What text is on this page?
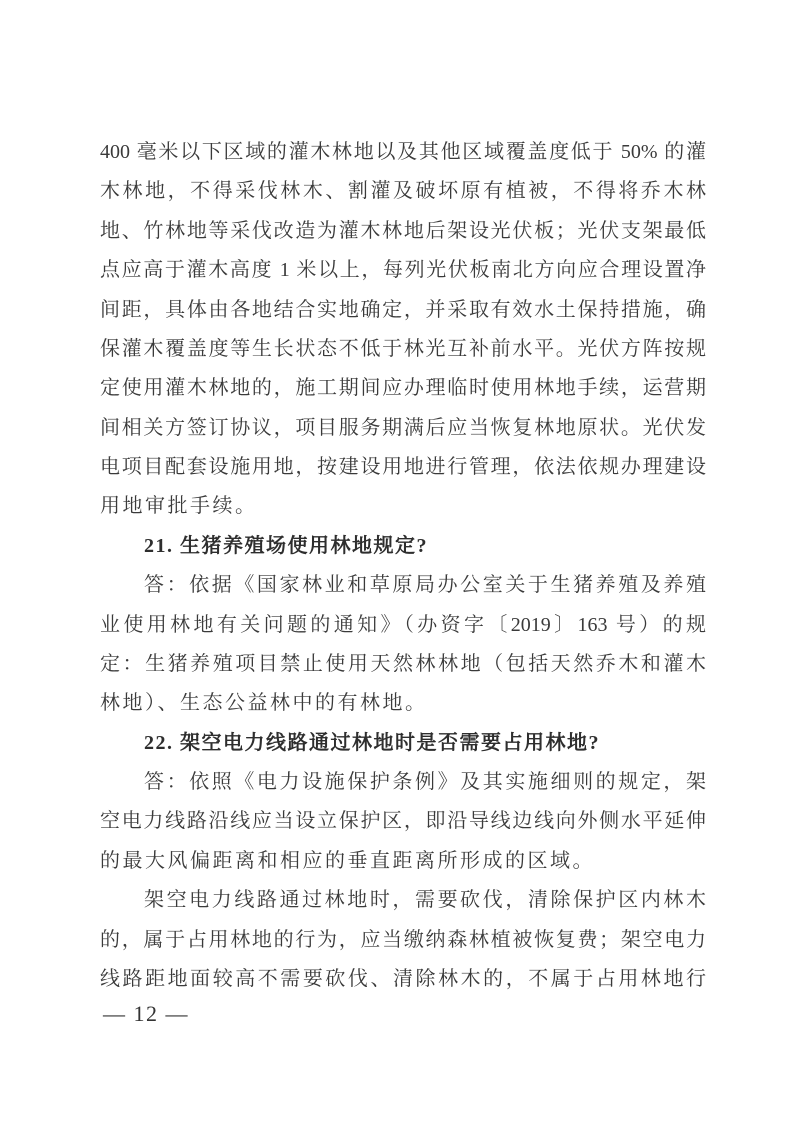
400 毫米以下区域的灌木林地以及其他区域覆盖度低于 50% 的灌
木林地，不得采伐林木、割灌及破坏原有植被，不得将乔木林
地、竹林地等采伐改造为灌木林地后架设光伏板；光伏支架最低
点应高于灌木高度 1 米以上，每列光伏板南北方向应合理设置净
间距，具体由各地结合实地确定，并采取有效水土保持措施，确
保灌木覆盖度等生长状态不低于林光互补前水平。光伏方阵按规
定使用灌木林地的，施工期间应办理临时使用林地手续，运营期
间相关方签订协议，项目服务期满后应当恢复林地原状。光伏发
电项目配套设施用地，按建设用地进行管理，依法依规办理建设
用地审批手续。
21. 生猪养殖场使用林地规定?
答：依据《国家林业和草原局办公室关于生猪养殖及养殖
业使用林地有关问题的通知》（办资字〔2019〕163 号）的规
定：生猪养殖项目禁止使用天然林林地（包括天然乔木和灌木
林地）、生态公益林中的有林地。
22. 架空电力线路通过林地时是否需要占用林地?
答：依照《电力设施保护条例》及其实施细则的规定，架
空电力线路沿线应当设立保护区，即沿导线边线向外侧水平延伸
的最大风偏距离和相应的垂直距离所形成的区域。
架空电力线路通过林地时，需要砍伐，清除保护区内林木
的，属于占用林地的行为，应当缴纳森林植被恢复费；架空电力
线路距地面较高不需要砍伐、清除林木的，不属于占用林地行
— 12 —
